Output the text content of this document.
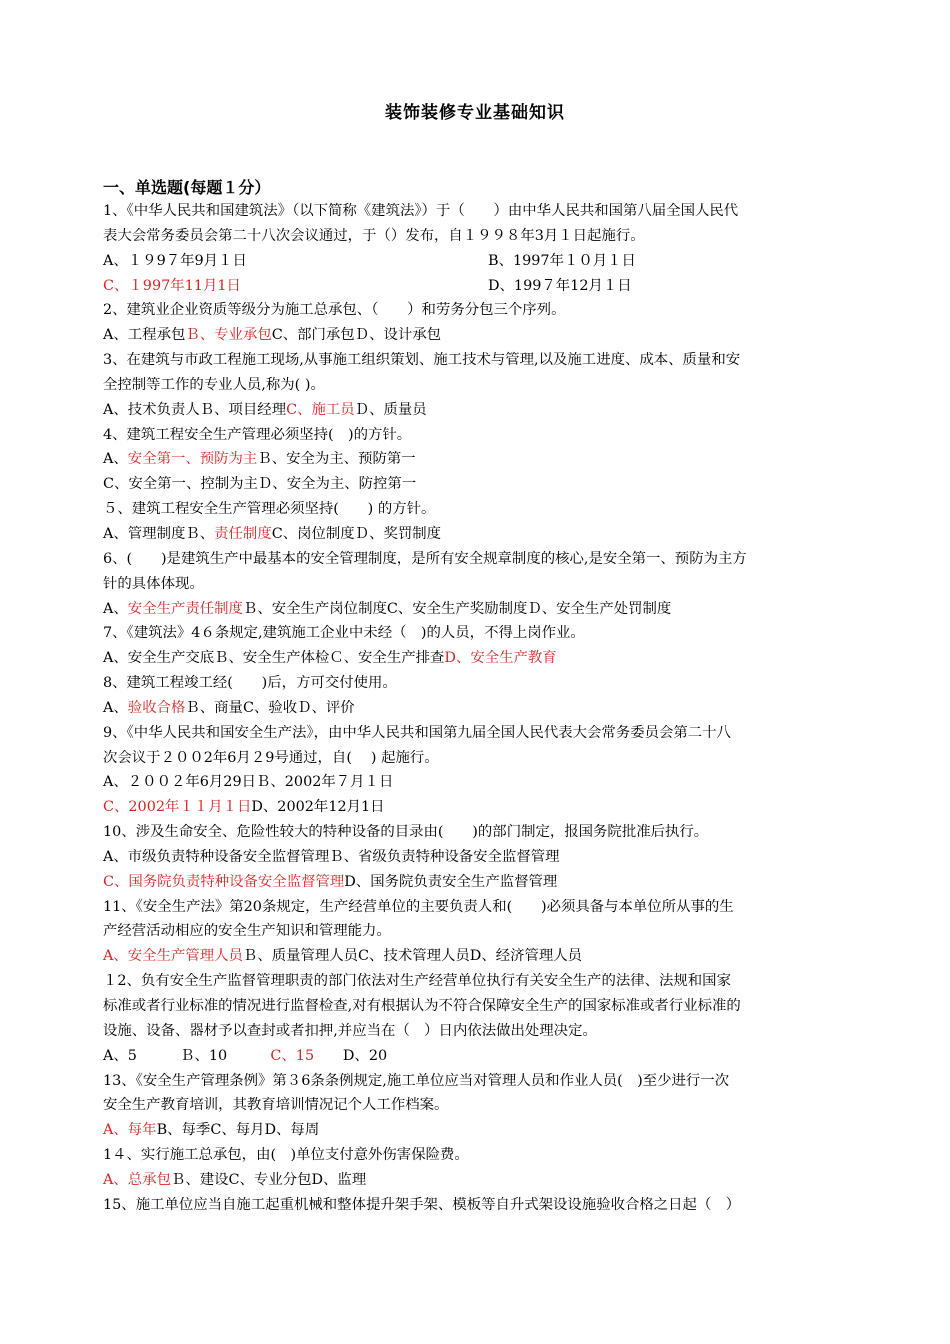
装饰装修专业基础知识
一、单选题(每题１分）
1、《中华人民共和国建筑法》（以下简称《建筑法》）于（　　）由中华人民共和国第八届全国人民代
表大会常务委员会第二十八次会议通过，于（）发布，自１９９８年3月１日起施行。
A、１９9７年9月１日	B、1997年１０月１日
C、１997年11月1日	D、199７年12月１日
2、建筑业企业资质等级分为施工总承包、（　　）和劳务分包三个序列。
A、工程承包Ｂ、专业承包C、部门承包Ｄ、设计承包
3、在建筑与市政工程施工现场,从事施工组织策划、施工技术与管理,以及施工进度、成本、质量和安
全控制等工作的专业人员,称为( )。
A、技术负责人Ｂ、项目经理C、施工员Ｄ、质量员
4、建筑工程安全生产管理必须坚持(　)的方针。
A、安全第一、预防为主Ｂ、安全为主、预防第一
C、安全第一、控制为主Ｄ、安全为主、防控第一
５、建筑工程安全生产管理必须坚持(　　) 的方针。
A、管理制度Ｂ、责任制度C、岗位制度Ｄ、奖罚制度
6、(　　)是建筑生产中最基本的安全管理制度，是所有安全规章制度的核心,是安全第一、预防为主方
针的具体体现。
A、安全生产责任制度Ｂ、安全生产岗位制度C、安全生产奖励制度Ｄ、安全生产处罚制度
7、《建筑法》4６条规定,建筑施工企业中未经（　)的人员，不得上岗作业。
A、安全生产交底Ｂ、安全生产体检Ｃ、安全生产排查D、安全生产教育
8、建筑工程竣工经(　　)后，方可交付使用。
A、验收合格Ｂ、商量C、验收Ｄ、评价
9、《中华人民共和国安全生产法》，由中华人民共和国第九届全国人民代表大会常务委员会第二十八
次会议于２００2年6月２9号通过，自(　 ) 起施行。
A、２００２年6月29日Ｂ、2002年７月１日
C、2002年１１月１日D、2002年12月1日
10、涉及生命安全、危险性较大的特种设备的目录由(　　)的部门制定，报国务院批准后执行。
A、市级负责特种设备安全监督管理Ｂ、省级负责特种设备安全监督管理
C、国务院负责特种设备安全监督管理D、国务院负责安全生产监督管理
11、《安全生产法》第20条规定，生产经营单位的主要负责人和(　　)必须具备与本单位所从事的生
产经营活动相应的安全生产知识和管理能力。
A、安全生产管理人员Ｂ、质量管理人员C、技术管理人员D、经济管理人员
１2、负有安全生产监督管理职责的部门依法对生产经营单位执行有关安全生产的法律、法规和国家
标准或者行业标准的情况进行监督检查,对有根据认为不符合保障安全生产的国家标准或者行业标准的
设施、设备、器材予以查封或者扣押,并应当在（　）日内依法做出处理决定。
A、5　　　Ｂ、10　　　C、15　　D、20
13、《安全生产管理条例》第３6条条例规定,施工单位应当对管理人员和作业人员(　)至少进行一次
安全生产教育培训，其教育培训情况记个人工作档案。
A、每年B、每季C、每月D、每周
1４、实行施工总承包，由(　)单位支付意外伤害保险费。
A、总承包Ｂ、建设C、专业分包D、监理
15、施工单位应当自施工起重机械和整体提升架手架、模板等自升式架设设施验收合格之日起（　）
